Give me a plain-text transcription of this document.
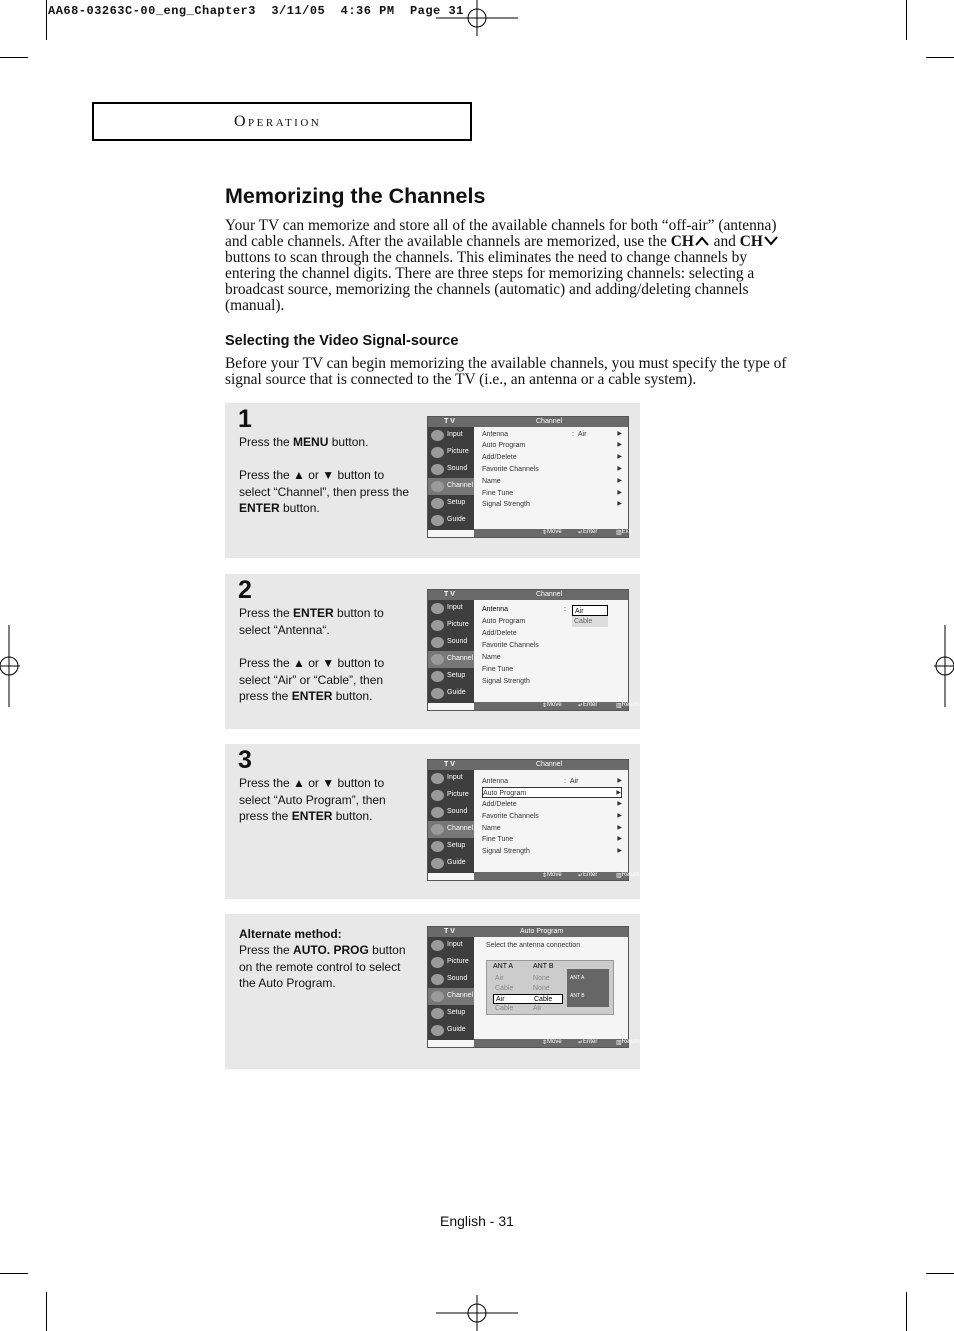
AA68-03263C-00_eng_Chapter3  3/11/05  4:36 PM  Page 31
Operation
Memorizing the Channels
Your TV can memorize and store all of the available channels for both “off-air” (antenna) and cable channels. After the available channels are memorized, use the CH and CH buttons to scan through the channels. This eliminates the need to change channels by entering the channel digits. There are three steps for memorizing channels: selecting a broadcast source, memorizing the channels (automatic) and adding/deleting channels (manual).
Selecting the Video Signal-source
Before your TV can begin memorizing the available channels, you must specify the type of signal source that is connected to the TV (i.e., an antenna or a cable system).
1
Press the MENU button.
Press the ▲ or ▼ button to select “Channel”, then press the ENTER button.
T V	Channel
Input
Picture
Sound
Channel
Setup
Guide
Antenna	: Air	▶
Auto Program	▶
Add/Delete	▶
Favorite Channels	▶
Name	▶
Fine Tune	▶
Signal Strength	▶
⇕ Move	↵ Enter	▥ Exit
2
Press the ENTER button to select “Antenna“.
Press the ▲ or ▼ button to select “Air” or “Cable”, then press the ENTER button.
T V	Channel
Input
Picture
Sound
Channel
Setup
Guide
Antenna	:
Auto Program
Add/Delete
Favorite Channels
Name
Fine Tune
Signal Strength
Air
Cable
⇕ Move	↵ Enter	▥ Return
3
Press the ▲ or ▼ button to select “Auto Program”, then press the ENTER button.
T V	Channel
Input
Picture
Sound
Channel
Setup
Guide
Antenna	: Air	▶
Auto Program	▶
Add/Delete	▶
Favorite Channels	▶
Name	▶
Fine Tune	▶
Signal Strength	▶
⇕ Move	↵ Enter	▥ Return
Alternate method:
Press the AUTO. PROG button on the remote control to select the Auto Program.
T V	Auto Program
Input
Picture
Sound
Channel
Setup
Guide
Select the antenna connection
ANT A	ANT B
Air	None
Cable	None
Air	Cable
Cable	Air
ANT A
ANT B
⇕ Move	↵ Enter	▥ Return
English - 31
